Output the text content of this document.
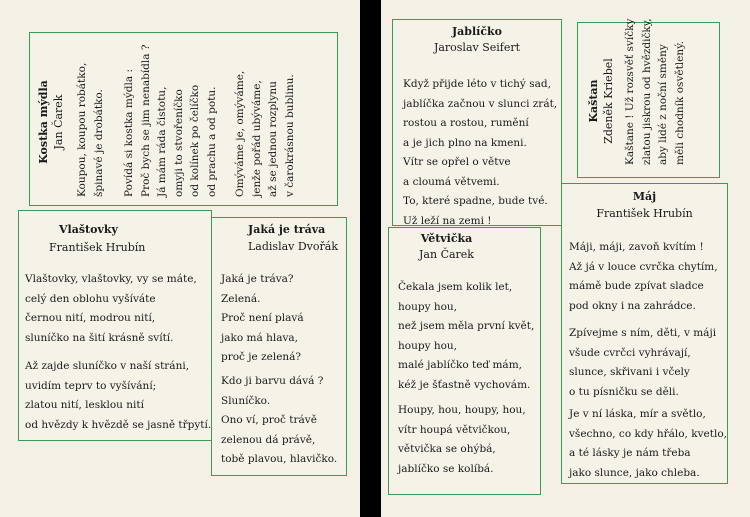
Kostka mýdla Jan Čarek Koupou, koupou robátko, špinavé je drobátko. Povídá si kostka mýdla : Proč bych se jim nenabídla ? Já mám ráda čistotu, omyji to stvořeníčko od kolínek po čelíčko od prachu a od potu. Omýváme je, omýváme, jenže pořád ubýváme, až se jednou rozplynu v čarokrásnou bublinu.
Vlaštovky
František Hrubín
Vlaštovky, vlaštovky, vy se máte,
celý den oblohu vyšíváte
černou nití, modrou nití,
sluníčko na šití krásně svítí.
Až zajde sluníčko v naší stráni,
uvidím teprv to vyšívání;
zlatou nití, lesklou nití
od hvězdy k hvězdě se jasně třpytí.
Jaká je tráva
Ladislav Dvořák
Jaká je tráva?
Zelená.
Proč není plavá
jako má hlava,
proč je zelená?
Kdo ji barvu dává ?
Sluníčko.
Ono ví, proč trávě
zelenou dá právě,
tobě plavou, hlavičko.
Jablíčko
Jaroslav Seifert
Když přijde léto v tichý sad,
jablíčka začnou v slunci zrát,
rostou a rostou, rumění
a je jich plno na kmeni.
Vítr se opřel o větve
a cloumá větvemi.
To, které spadne, bude tvé.
Už leží na zemi !
Kaštan Zdeněk Kriebel Kaštane ! Už rozsvěť svíčky zlatou jiskrou od hvězdičky, aby lidé z noční směny měli chodník osvětlený.
Větvička
Jan Čarek
Čekala jsem kolik let,
houpy hou,
než jsem měla první květ,
houpy hou,
malé jablíčko teď mám,
kéž je šťastně vychovám.
Houpy, hou, houpy, hou,
vítr houpá větvičkou,
větvička se ohýbá,
jablíčko se kolíbá.
Máj
František Hrubín
Máji, máji, zavoň kvítím !
Až já v louce cvrčka chytím,
mámě bude zpívat sladce
pod okny i na zahrádce.
Zpívejme s ním, děti, v máji
všude cvrčci vyhrávají,
slunce, skřivani i včely
o tu písničku se děli.
Je v ní láska, mír a světlo,
všechno, co kdy hřálo, kvetlo,
a té lásky je nám třeba
jako slunce, jako chleba.
